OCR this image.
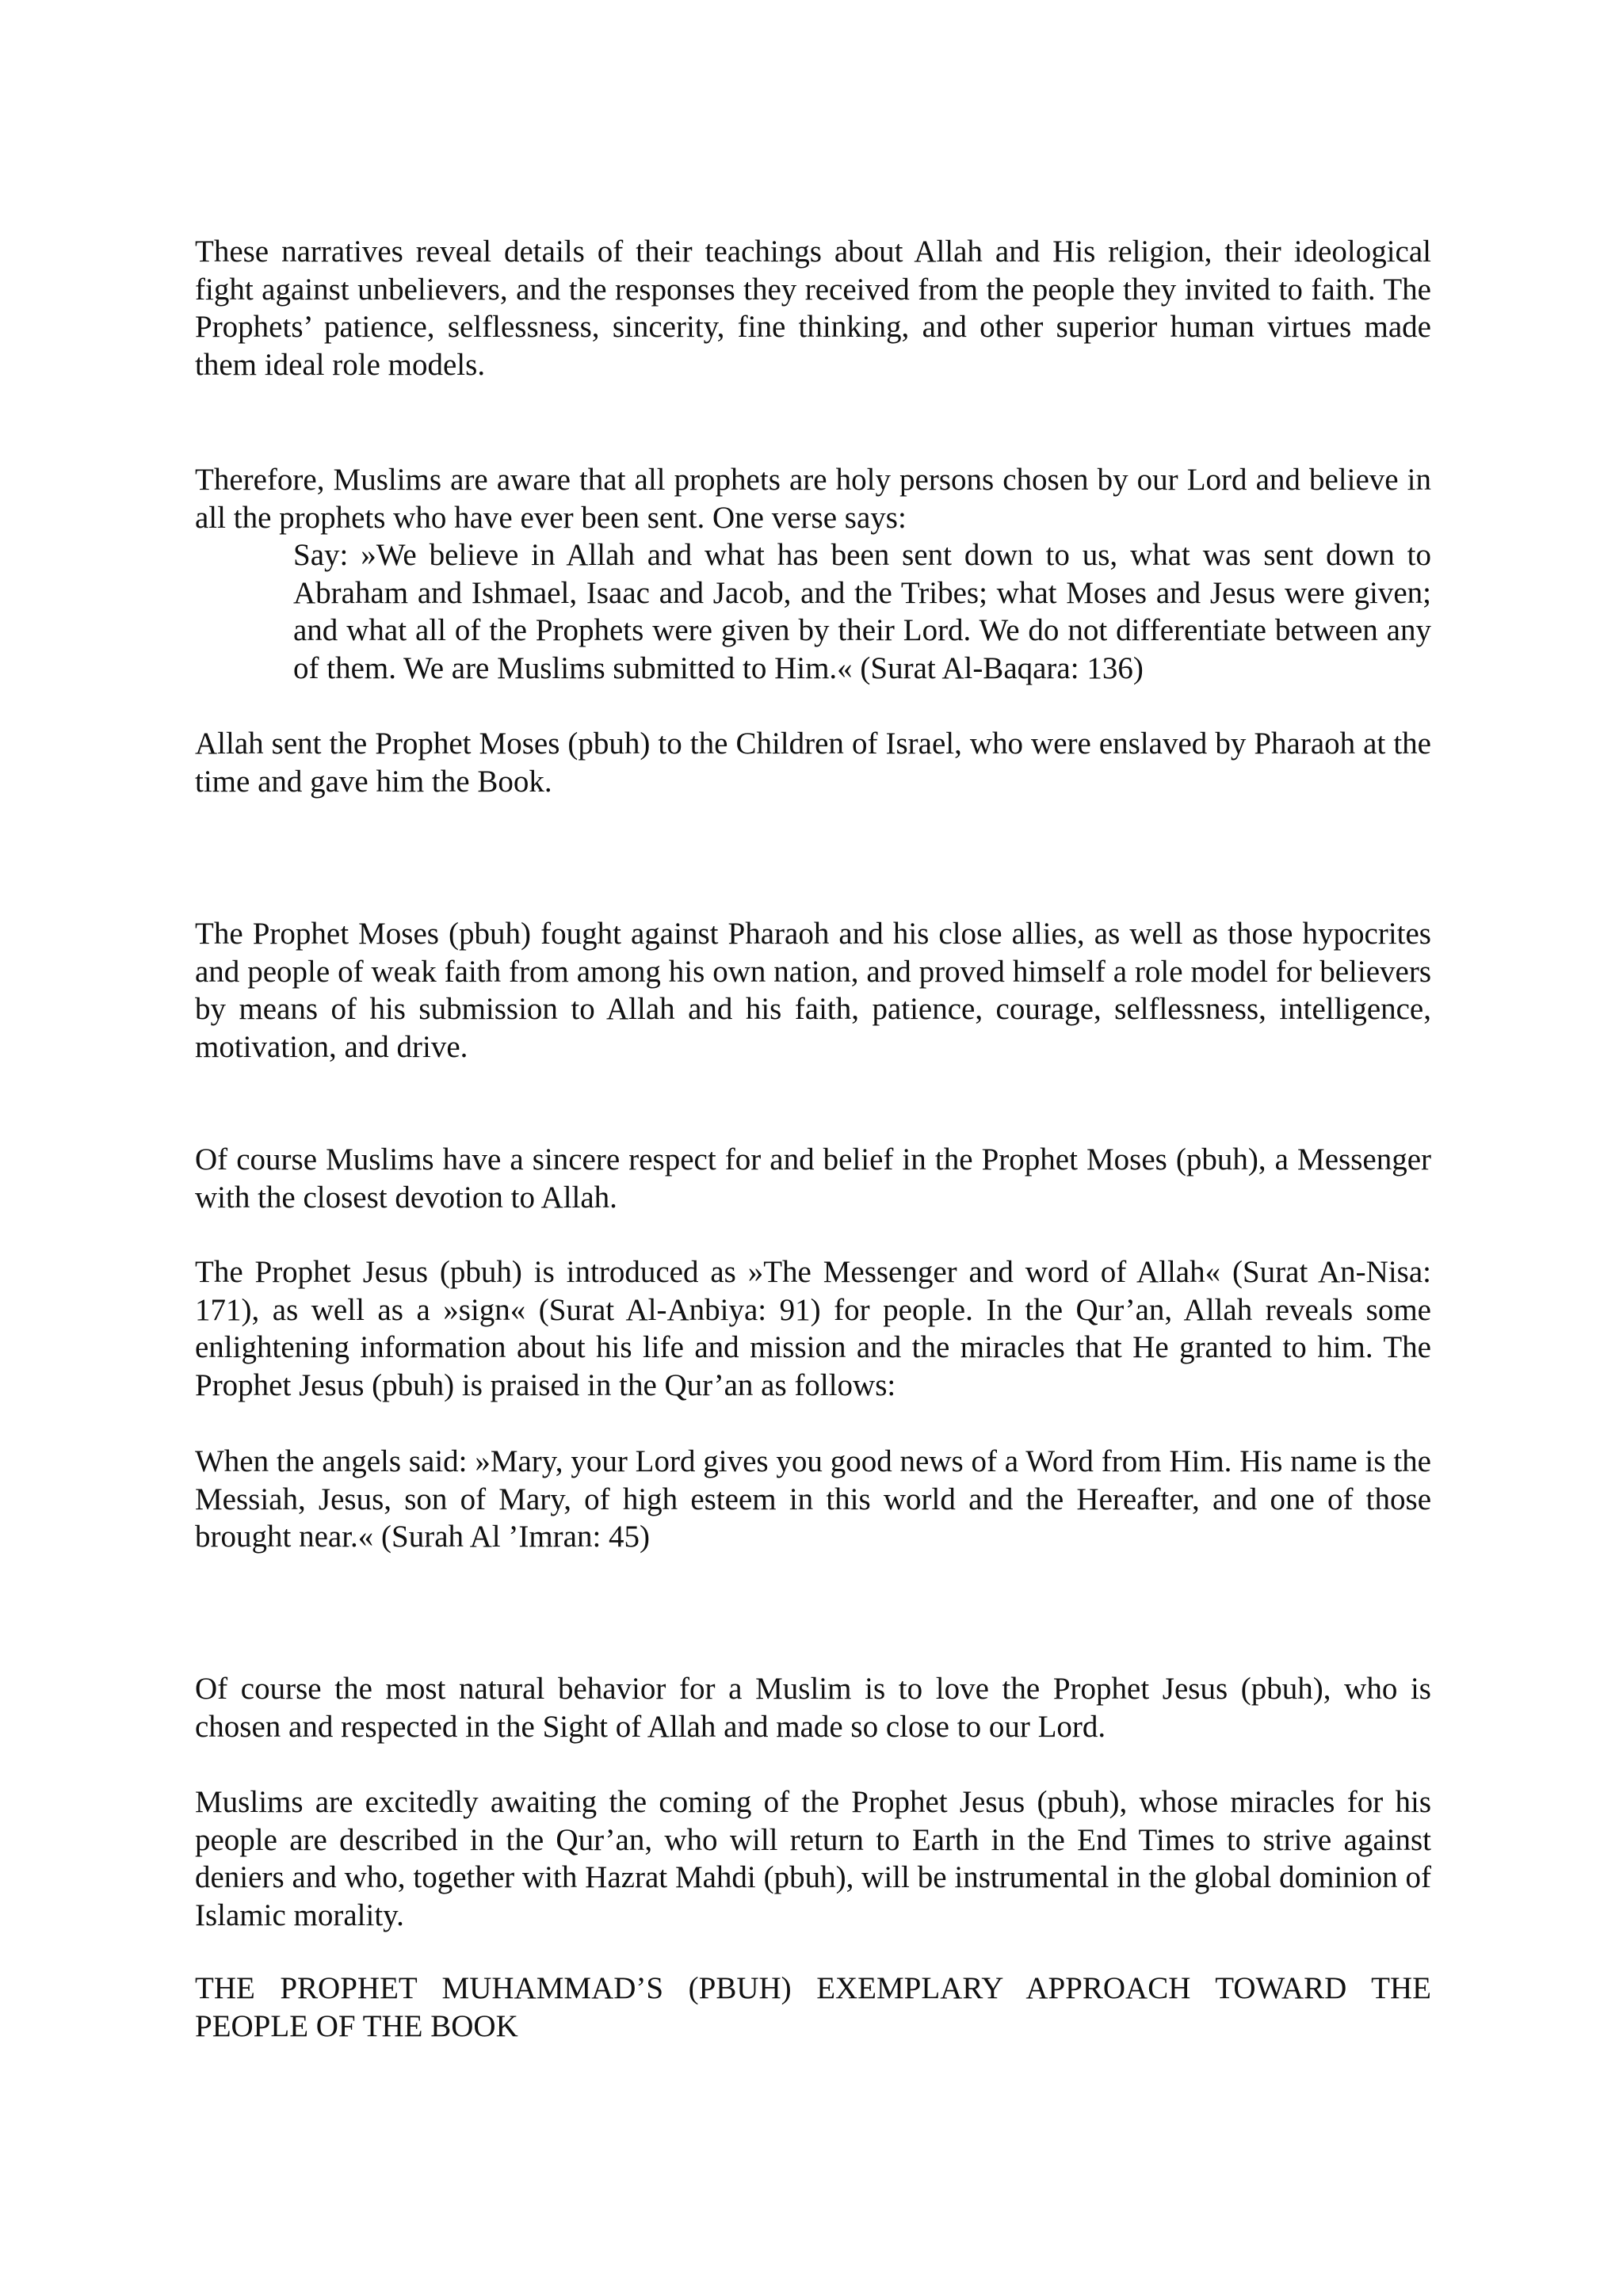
These narratives reveal details of their teachings about Allah and His religion, their ideological fight against unbelievers, and the responses they received from the people they invited to faith. The Prophets’ patience, selflessness, sincerity, fine thinking, and other superior human virtues made them ideal role models.

Therefore, Muslims are aware that all prophets are holy persons chosen by our Lord and believe in all the prophets who have ever been sent. One verse says:

Say: »We believe in Allah and what has been sent down to us, what was sent down to Abraham and Ishmael, Isaac and Jacob, and the Tribes; what Moses and Jesus were given; and what all of the Prophets were given by their Lord. We do not differentiate between any of them. We are Muslims submitted to Him.« (Surat Al-Baqara: 136)

Allah sent the Prophet Moses (pbuh) to the Children of Israel, who were enslaved by Pharaoh at the time and gave him the Book.

The Prophet Moses (pbuh) fought against Pharaoh and his close allies, as well as those hypocrites and people of weak faith from among his own nation, and proved himself a role model for believers by means of his submission to Allah and his faith, patience, courage, selflessness, intelligence, motivation, and drive.

Of course Muslims have a sincere respect for and belief in the Prophet Moses (pbuh), a Messenger with the closest devotion to Allah.

The Prophet Jesus (pbuh) is introduced as »The Messenger and word of Allah« (Surat An-Nisa: 171), as well as a »sign« (Surat Al-Anbiya: 91) for people. In the Qur’an, Allah reveals some enlightening information about his life and mission and the miracles that He granted to him. The Prophet Jesus (pbuh) is praised in the Qur’an as follows:

When the angels said: »Mary, your Lord gives you good news of a Word from Him. His name is the Messiah, Jesus, son of Mary, of high esteem in this world and the Hereafter, and one of those brought near.« (Surah Al ’Imran: 45)

Of course the most natural behavior for a Muslim is to love the Prophet Jesus (pbuh), who is chosen and respected in the Sight of Allah and made so close to our Lord.

Muslims are excitedly awaiting the coming of the Prophet Jesus (pbuh), whose miracles for his people are described in the Qur’an, who will return to Earth in the End Times to strive against deniers and who, together with Hazrat Mahdi (pbuh), will be instrumental in the global dominion of Islamic morality.

THE PROPHET MUHAMMAD’S (PBUH) EXEMPLARY APPROACH TOWARD THE PEOPLE OF THE BOOK
